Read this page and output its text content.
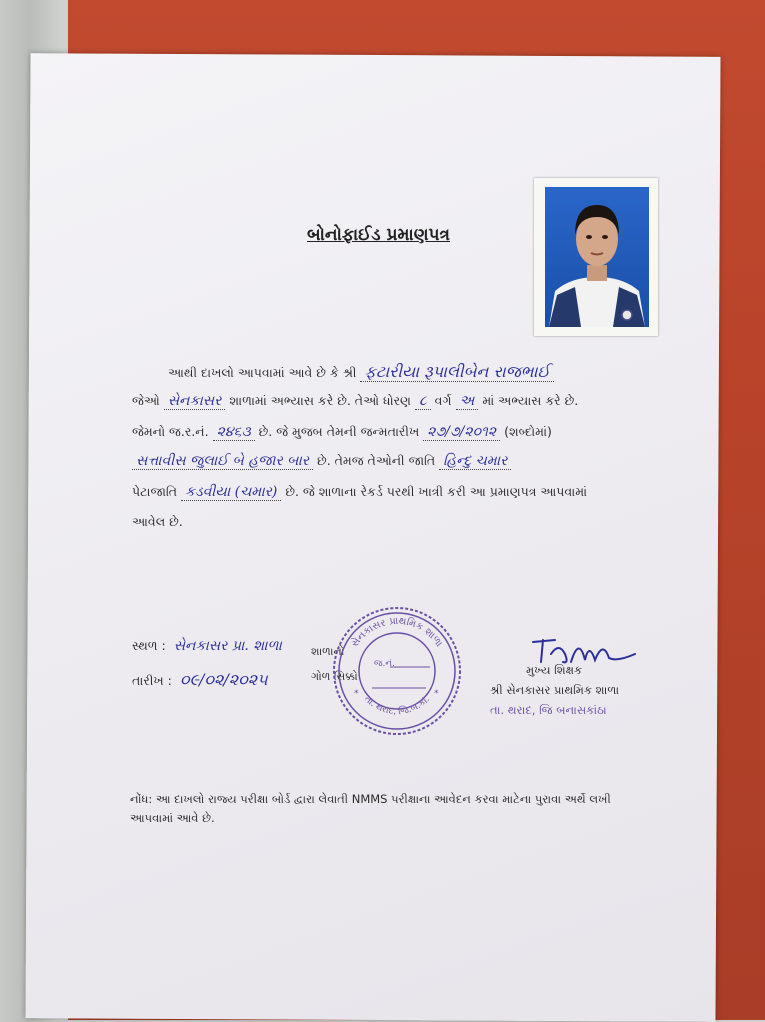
બોનોફાઈડ પ્રમાણપત્ર
આથી દાખલો આપવામાં આવે છે કે શ્રી ફટારીયા રૂપાલીબેન રાજભાઈ
જેઓ સેનકાસર શાળામાં અભ્યાસ કરે છે. તેઓ ધોરણ ૮ વર્ગ અ માં અભ્યાસ કરે છે.
જેમનો જ.ર.નં. ૨૪૬૩ છે. જે મુજબ તેમની જન્મતારીખ ૨૭/૭/૨૦૧૨ (શબ્દોમાં)
સત્તાવીસ જુલાઈ બે હજાર બાર છે. તેમજ તેઓની જાતિ હિન્દુ ચમાર
પેટાજાતિ કડવીયા (ચમાર) છે. જે શાળાના રેકર્ડ પરથી ખાત્રી કરી આ પ્રમાણપત્ર આપવામાં
આવેલ છે.
સ્થળ : સેનકાસર પ્રા. શાળા
તારીખ : ૦૯/૦૨/૨૦૨૫
શાળાનો
ગોળ સિક્કો
સેનકાસર પ્રાથમિક શાળા
તા. થરાદ, જિ.બ.કાં.
જ.નં.
*
*
મુખ્ય શિક્ષક
શ્રી સેનકાસર પ્રાથમિક શાળા
તા. થરાદ, જિ બનાસકાંઠા
નોંધ: આ દાખલો રાજ્ય પરીક્ષા બોર્ડ દ્વારા લેવાતી NMMS પરીક્ષાના આવેદન કરવા માટેના પુરાવા અર્થે લખી આપવામાં આવે છે.
